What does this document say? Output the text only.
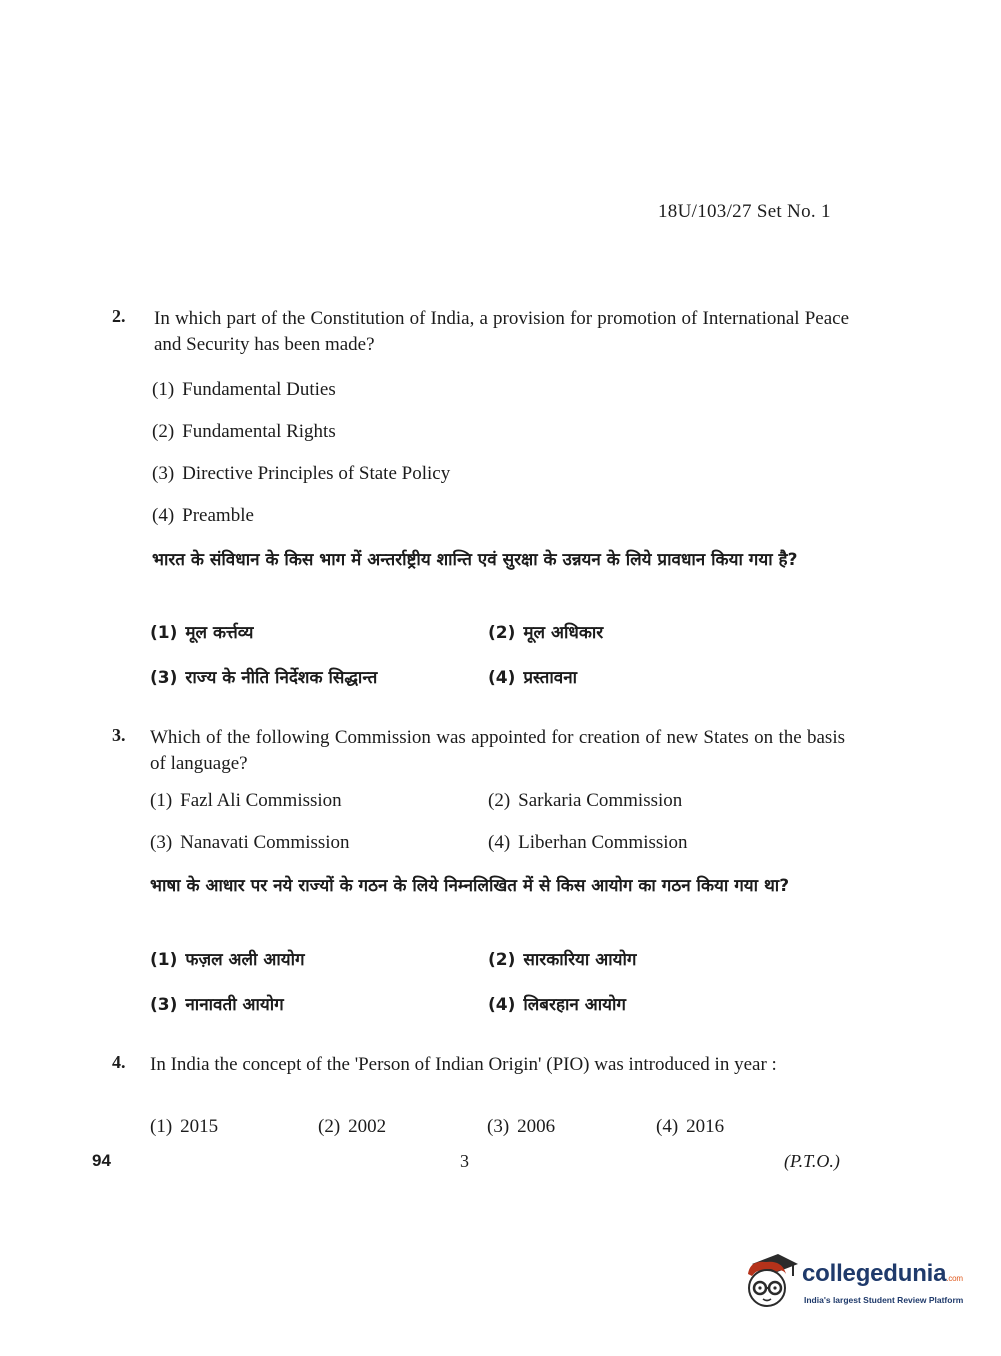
18U/103/27 Set No. 1
2. In which part of the Constitution of India, a provision for promotion of International Peace and Security has been made?
(1) Fundamental Duties
(2) Fundamental Rights
(3) Directive Principles of State Policy
(4) Preamble
भारत के संविधान के किस भाग में अन्तर्राष्ट्रीय शान्ति एवं सुरक्षा के उन्नयन के लिये प्रावधान किया गया है?
(1) मूल कर्त्तव्य	(2) मूल अधिकार
(3) राज्य के नीति निर्देशक सिद्धान्त	(4) प्रस्तावना
3. Which of the following Commission was appointed for creation of new States on the basis of language?
(1) Fazl Ali Commission	(2) Sarkaria Commission
(3) Nanavati Commission	(4) Liberhan Commission
भाषा के आधार पर नये राज्यों के गठन के लिये निम्नलिखित में से किस आयोग का गठन किया गया था?
(1) फज़ल अली आयोग	(2) सारकारिया आयोग
(3) नानावती आयोग	(4) लिबरहान आयोग
4. In India the concept of the 'Person of Indian Origin' (PIO) was introduced in year :
(1) 2015	(2) 2002	(3) 2006	(4) 2016
94	3	(P.T.O.)
collegedunia.com
India's largest Student Review Platform
